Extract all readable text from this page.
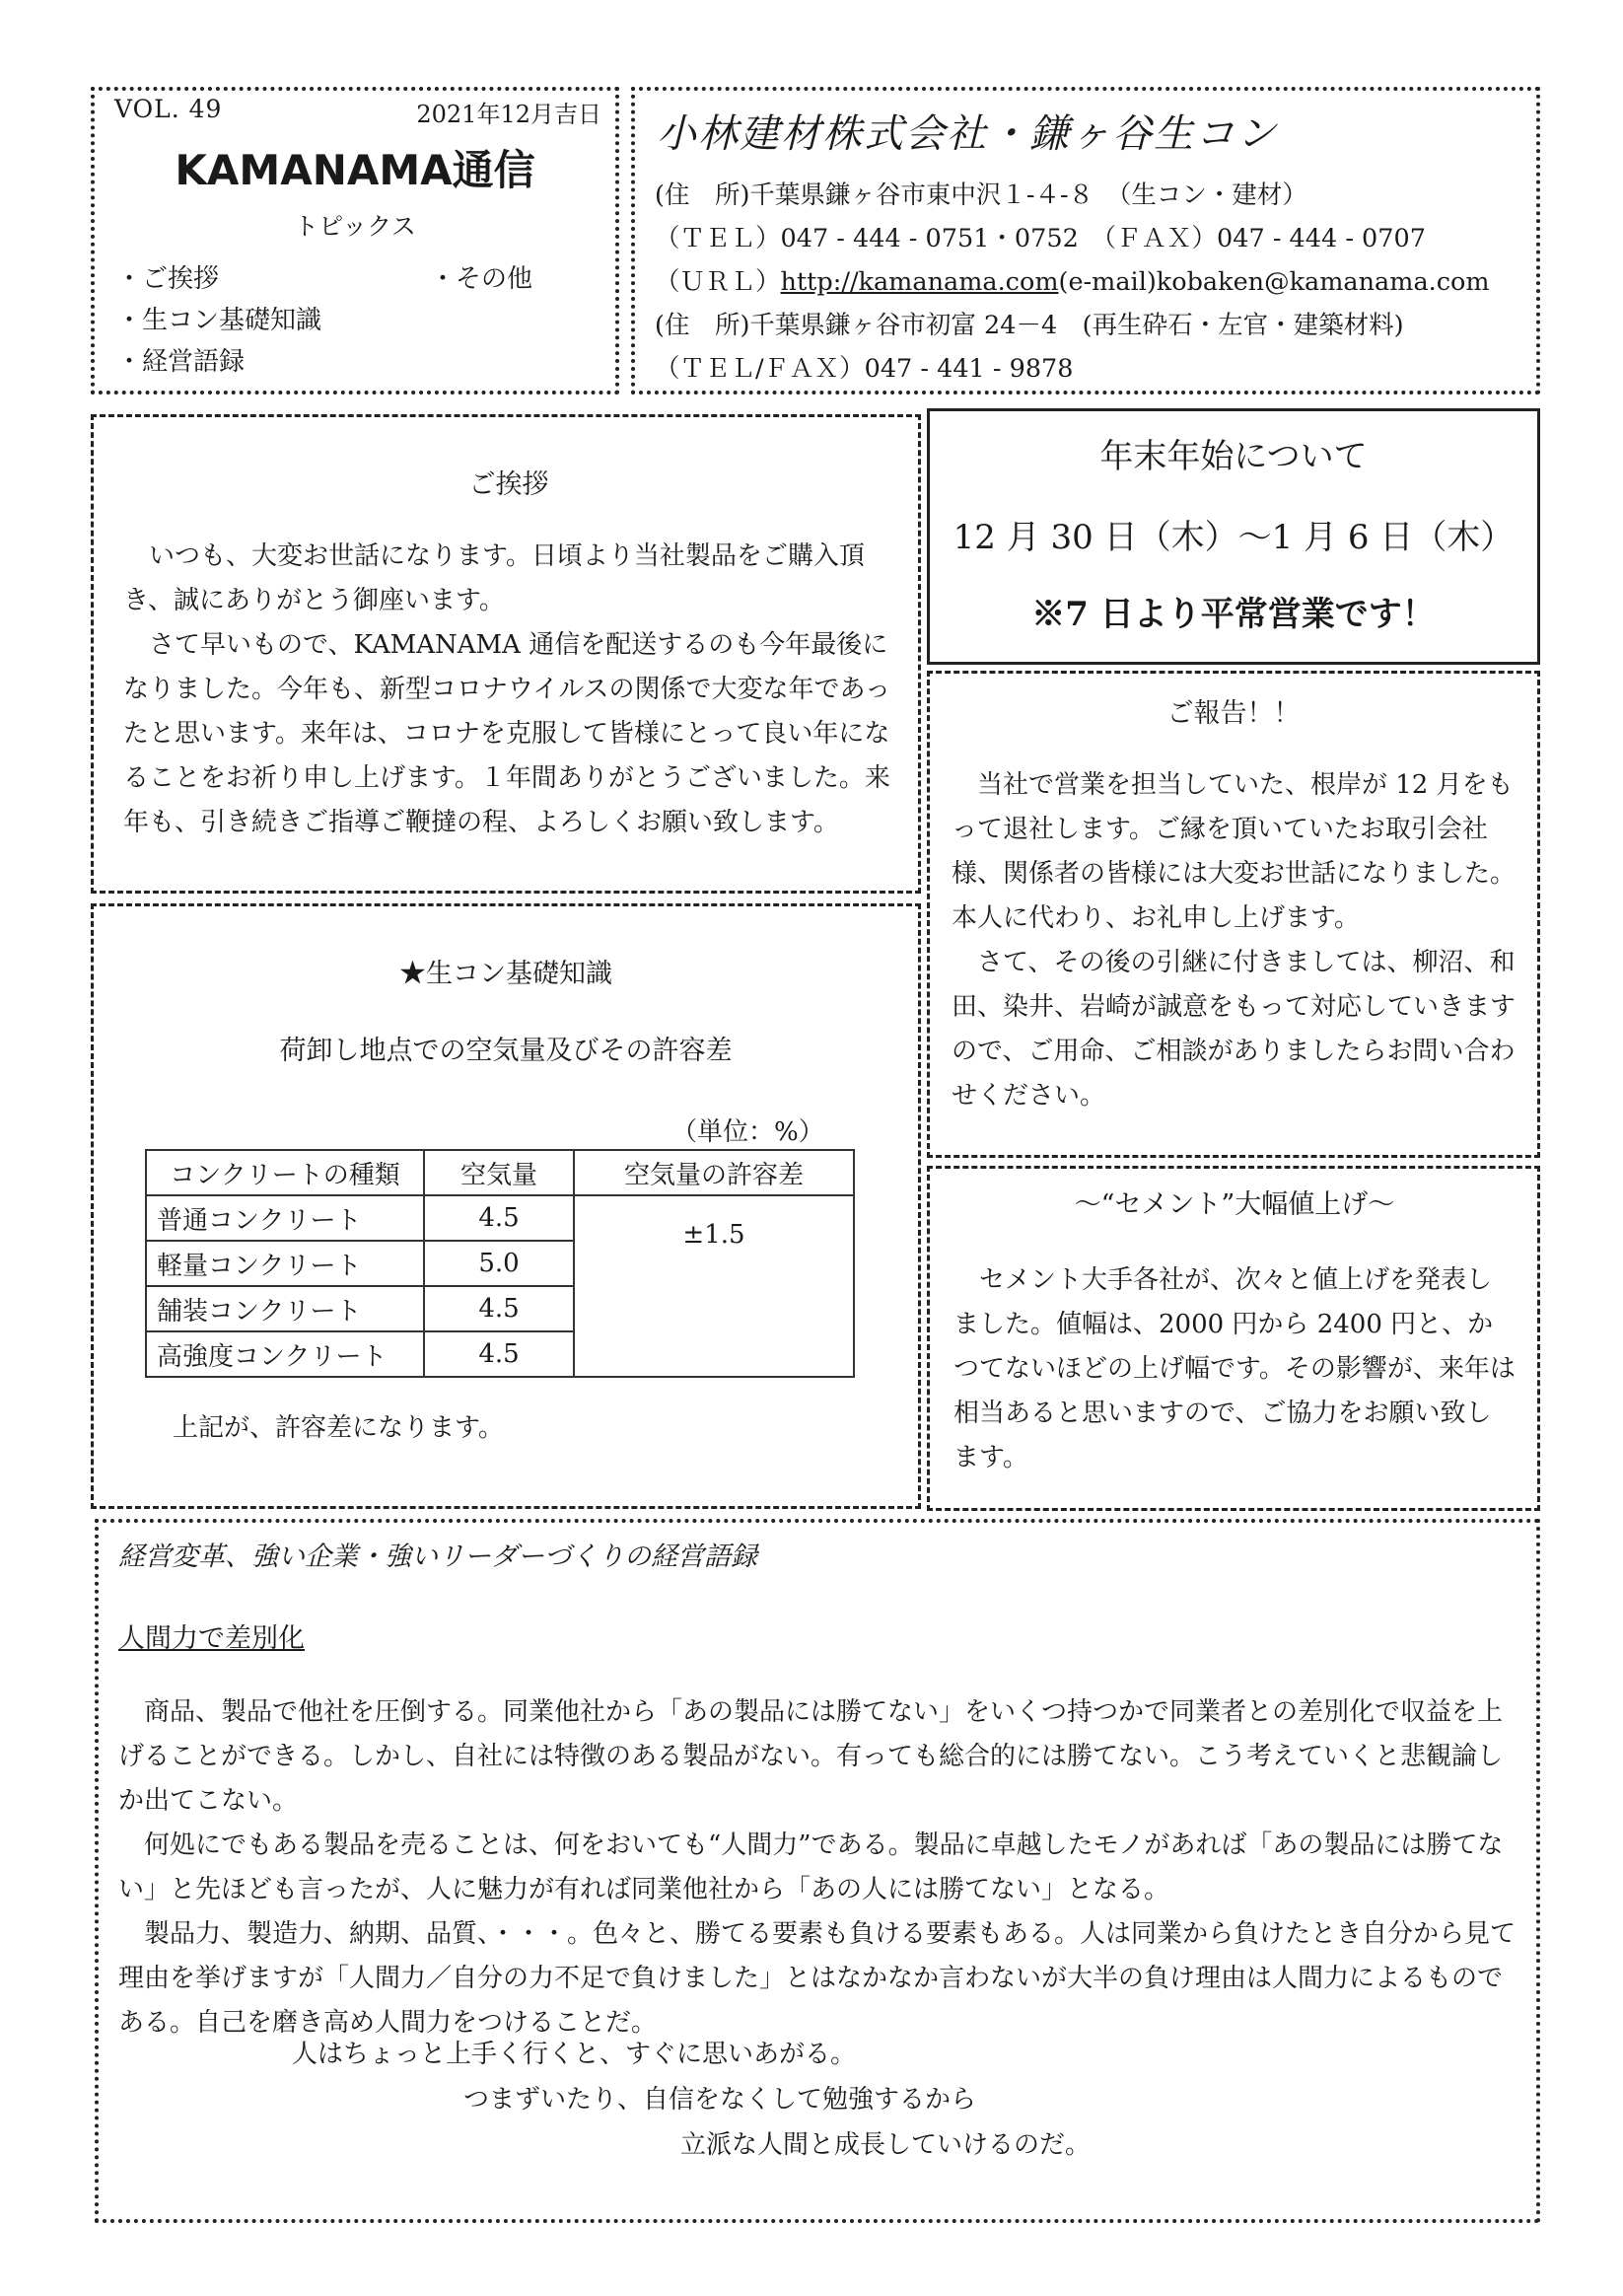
VOL. 49	2021年12月吉日
KAMANAMA通信
トピックス
・ご挨拶	・その他
・生コン基礎知識
・経営語録
小林建材株式会社・鎌ヶ谷生コン
(住　所)千葉県鎌ヶ谷市東中沢１-４-８　（生コン・建材）
（ＴＥＬ）047 - 444 - 0751・0752　（ＦＡＸ）047 - 444 - 0707
（ＵＲＬ）http://kamanama.com(e-mail)kobaken@kamanama.com
(住　所)千葉県鎌ヶ谷市初富 24－4　(再生砕石・左官・建築材料)
（ＴＥＬ/ＦＡＸ）047 - 441 - 9878
ご挨拶

いつも、大変お世話になります。日頃より当社製品をご購入頂き、誠にありがとう御座います。

さて早いもので、KAMANAMA 通信を配送するのも今年最後になりました。今年も、新型コロナウイルスの関係で大変な年であったと思います。来年は、コロナを克服して皆様にとって良い年になることをお祈り申し上げます。１年間ありがとうございました。来年も、引き続きご指導ご鞭撻の程、よろしくお願い致します。

年末年始について
12 月 30 日（木）～1 月 6 日（木）
※7 日より平常営業です！
ご報告！！

当社で営業を担当していた、根岸が 12 月をもって退社します。ご縁を頂いていたお取引会社様、関係者の皆様には大変お世話になりました。本人に代わり、お礼申し上げます。

さて、その後の引継に付きましては、柳沼、和田、染井、岩崎が誠意をもって対応していきますので、ご用命、ご相談がありましたらお問い合わせください。

★生コン基礎知識
荷卸し地点での空気量及びその許容差
（単位：%）
コンクリートの種類	空気量	空気量の許容差
普通コンクリート	4.5	±1.5
軽量コンクリート	5.0	
舗装コンクリート	4.5	
高強度コンクリート	4.5	
上記が、許容差になります。
～“セメント”大幅値上げ～

セメント大手各社が、次々と値上げを発表しました。値幅は、2000 円から 2400 円と、かつてないほどの上げ幅です。その影響が、来年は相当あると思いますので、ご協力をお願い致します。

経営変革、強い企業・強いリーダーづくりの経営語録
人間力で差別化

商品、製品で他社を圧倒する。同業他社から「あの製品には勝てない」をいくつ持つかで同業者との差別化で収益を上げることができる。しかし、自社には特徴のある製品がない。有っても総合的には勝てない。こう考えていくと悲観論しか出てこない。

何処にでもある製品を売ることは、何をおいても“人間力”である。製品に卓越したモノがあれば「あの製品には勝てない」と先ほども言ったが、人に魅力が有れば同業他社から「あの人には勝てない」となる。

製品力、製造力、納期、品質、・・・。色々と、勝てる要素も負ける要素もある。人は同業から負けたとき自分から見て理由を挙げますが「人間力／自分の力不足で負けました」とはなかなか言わないが大半の負け理由は人間力によるものである。自己を磨き高め人間力をつけることだ。

人はちょっと上手く行くと、すぐに思いあがる。
つまずいたり、自信をなくして勉強するから
立派な人間と成長していけるのだ。
